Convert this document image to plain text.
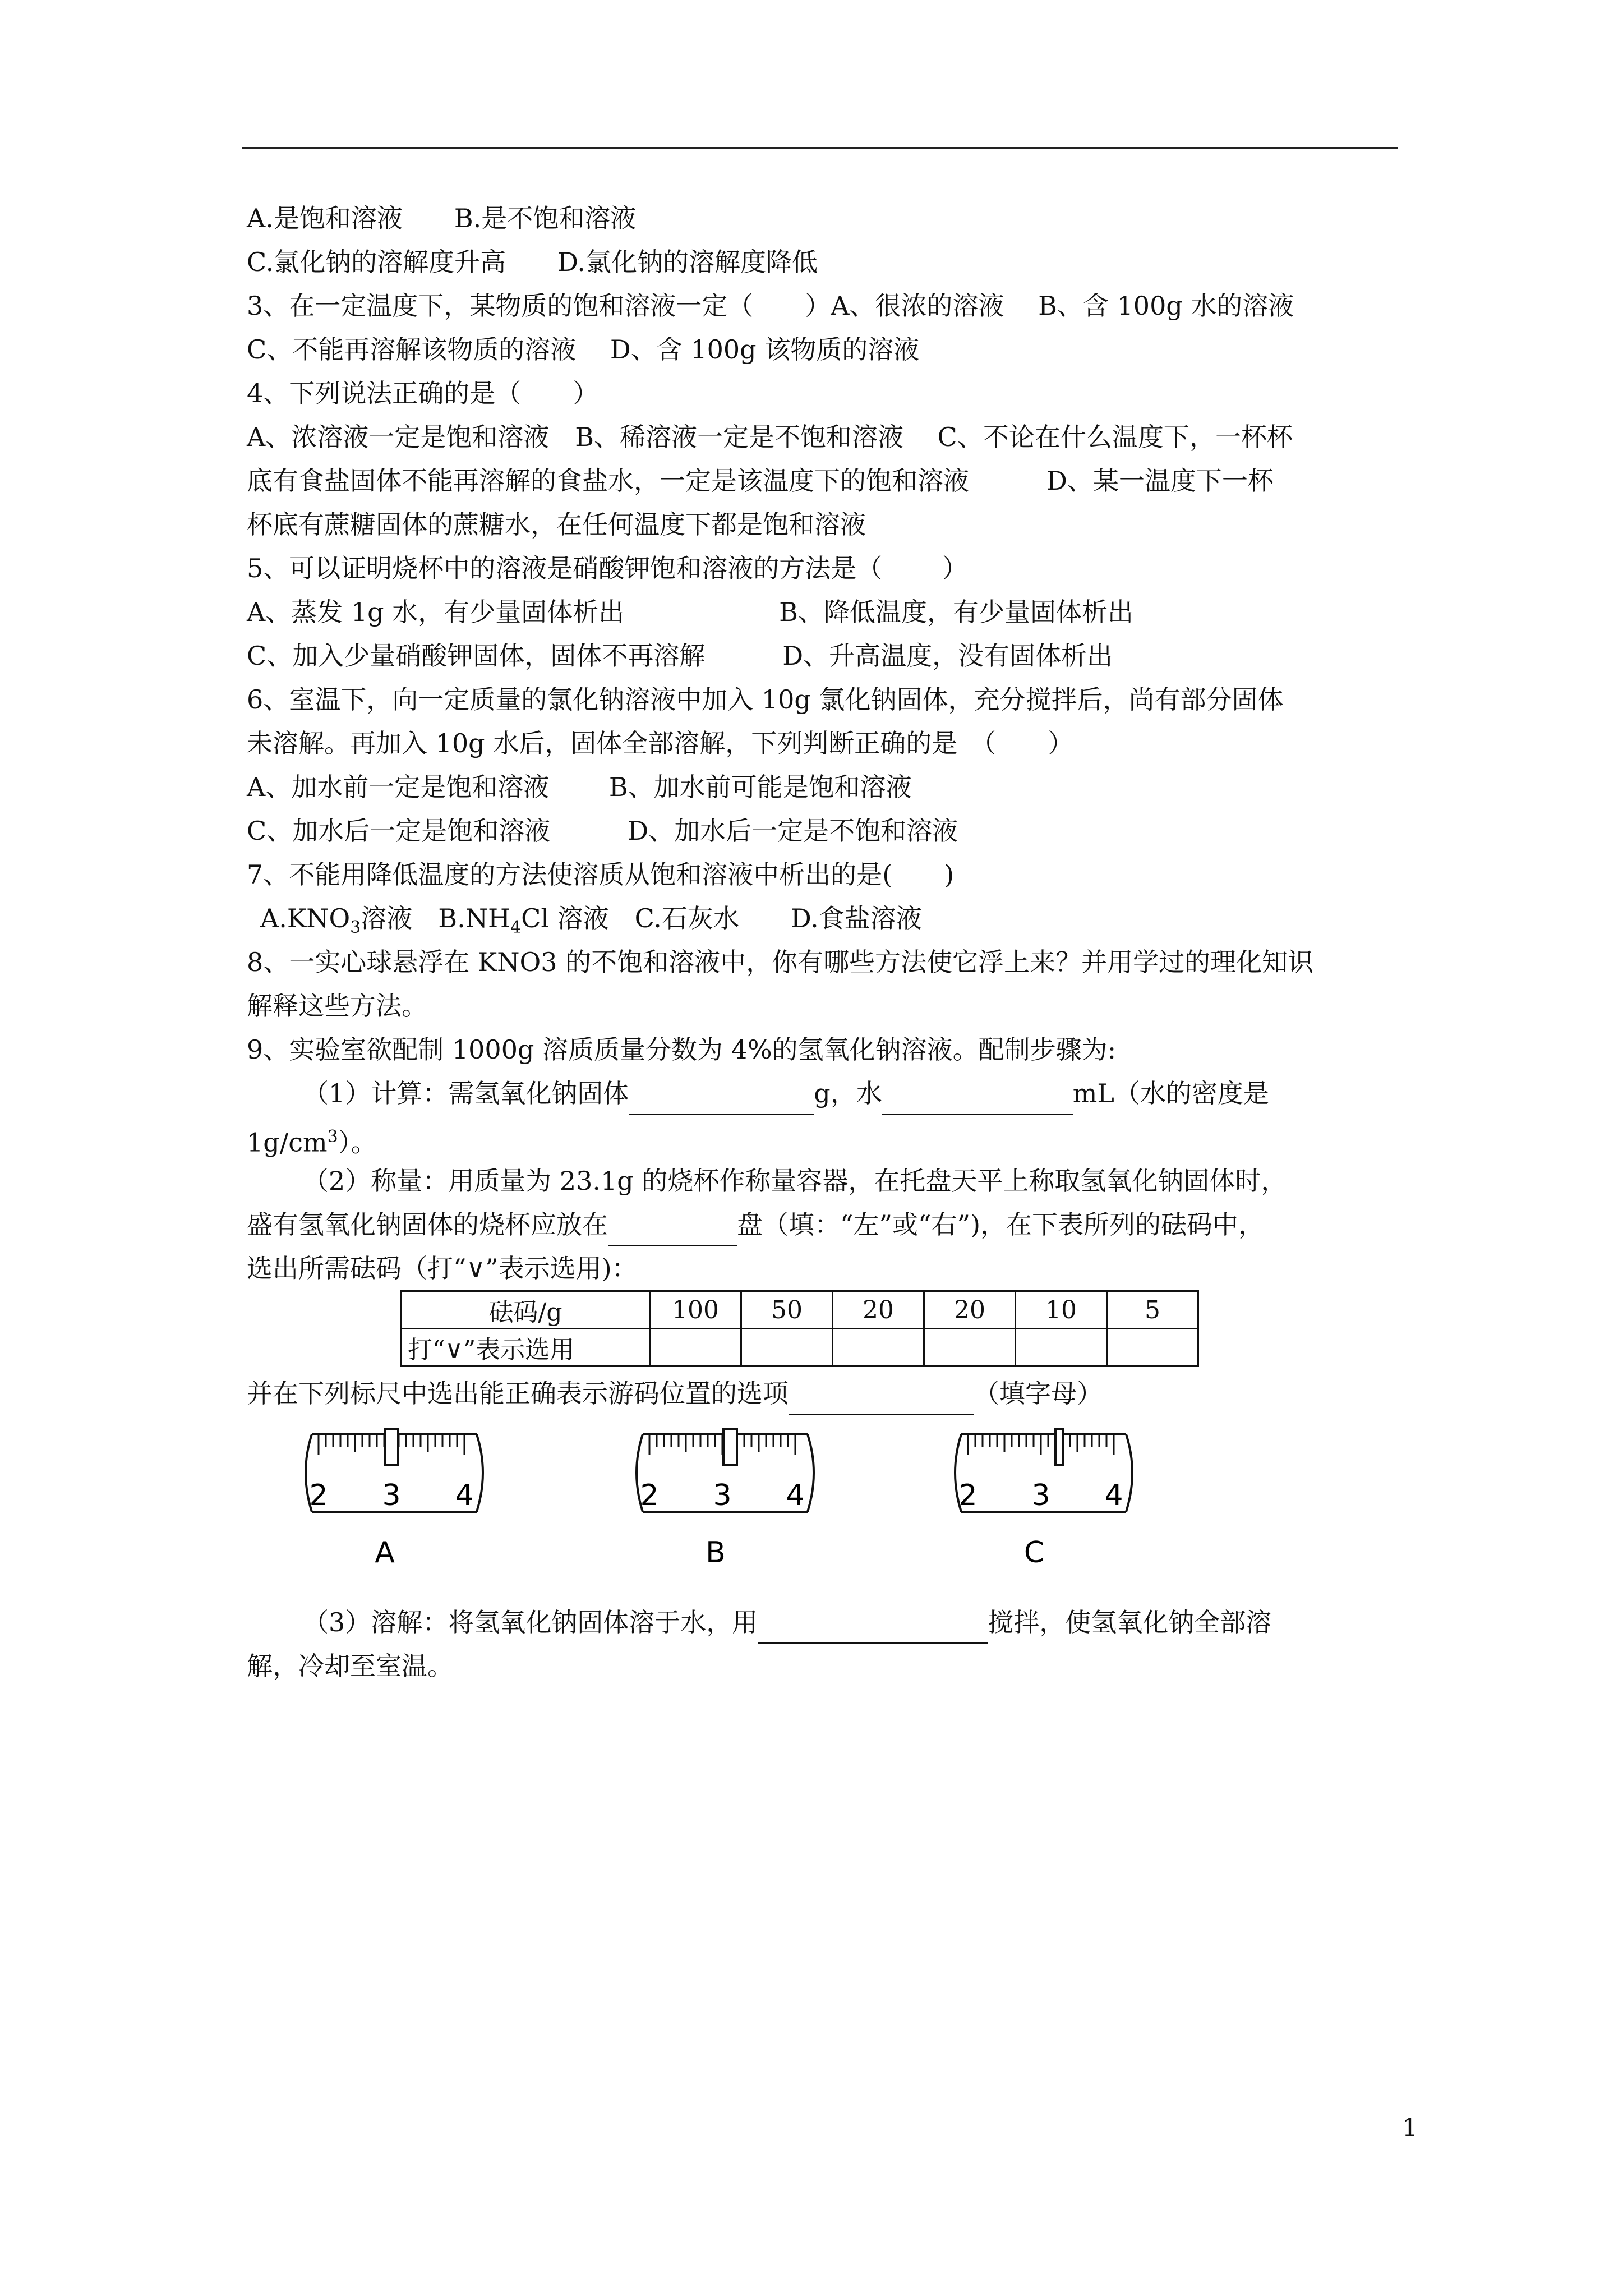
A.是饱和溶液　　B.是不饱和溶液
C.氯化钠的溶解度升高　　D.氯化钠的溶解度降低
3、在一定温度下，某物质的饱和溶液一定（　　）A、很浓的溶液　 B、含 100g 水的溶液
C、不能再溶解该物质的溶液　 D、含 100g 该物质的溶液
4、下列说法正确的是（　　）
A、浓溶液一定是饱和溶液　B、稀溶液一定是不饱和溶液　 C、不论在什么温度下，一杯杯
底有食盐固体不能再溶解的食盐水，一定是该温度下的饱和溶液　　　D、某一温度下一杯
杯底有蔗糖固体的蔗糖水，在任何温度下都是饱和溶液
5、可以证明烧杯中的溶液是硝酸钾饱和溶液的方法是（　　 ）
A、蒸发 1g 水，有少量固体析出　　　　　　B、降低温度，有少量固体析出
C、加入少量硝酸钾固体，固体不再溶解　　　D、升高温度，没有固体析出
6、室温下，向一定质量的氯化钠溶液中加入 10g 氯化钠固体，充分搅拌后，尚有部分固体
未溶解。再加入 10g 水后，固体全部溶解，下列判断正确的是　（　　）
A、加水前一定是饱和溶液　　 B、加水前可能是饱和溶液
C、加水后一定是饱和溶液　　　D、加水后一定是不饱和溶液
7、不能用降低温度的方法使溶质从饱和溶液中析出的是(　　)
$A.KNO_3$溶液　$B.NH_4Cl$ 溶液　C.石灰水　　D.食盐溶液
8、一实心球悬浮在 KNO3 的不饱和溶液中，你有哪些方法使它浮上来？并用学过的理化知识
解释这些方法。
9、实验室欲配制 1000g 溶质质量分数为 4%的氢氧化钠溶液。配制步骤为:
（1）计算：需氢氧化钠固体	g，水	mL（水的密度是
$1g/cm^3$）。
（2）称量：用质量为 23.1g 的烧杯作称量容器，在托盘天平上称取氢氧化钠固体时，
盛有氢氧化钠固体的烧杯应放在	盘（填：“左”或“右”)，在下表所列的砝码中，
选出所需砝码（打“∨”表示选用)：
砝码/g	100	50	20	20	10	5
打“∨”表示选用						
并在下列标尺中选出能正确表示游码位置的选项	（填字母）
2 3 4
A
2 3 4
B
2 3 4
C
（3）溶解：将氢氧化钠固体溶于水，用	搅拌，使氢氧化钠全部溶
解，冷却至室温。
1
